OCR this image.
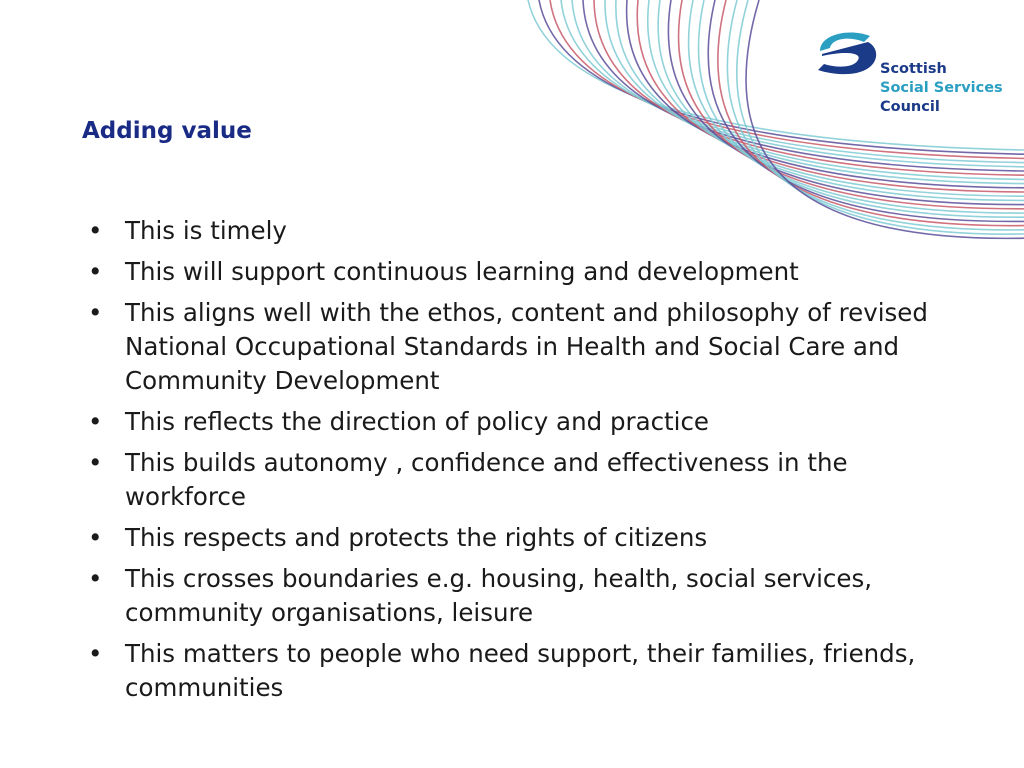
Scottish
Social Services
Council
Adding value
• This is timely
• This will support continuous learning and development
• This aligns well with the ethos, content and philosophy of revised National Occupational Standards in Health and Social Care and Community Development
• This reflects the direction of policy and practice
• This builds autonomy , confidence and effectiveness in the workforce
• This respects and protects the rights of citizens
• This crosses boundaries e.g. housing, health, social services, community organisations, leisure
• This matters to people who need support, their families, friends, communities
